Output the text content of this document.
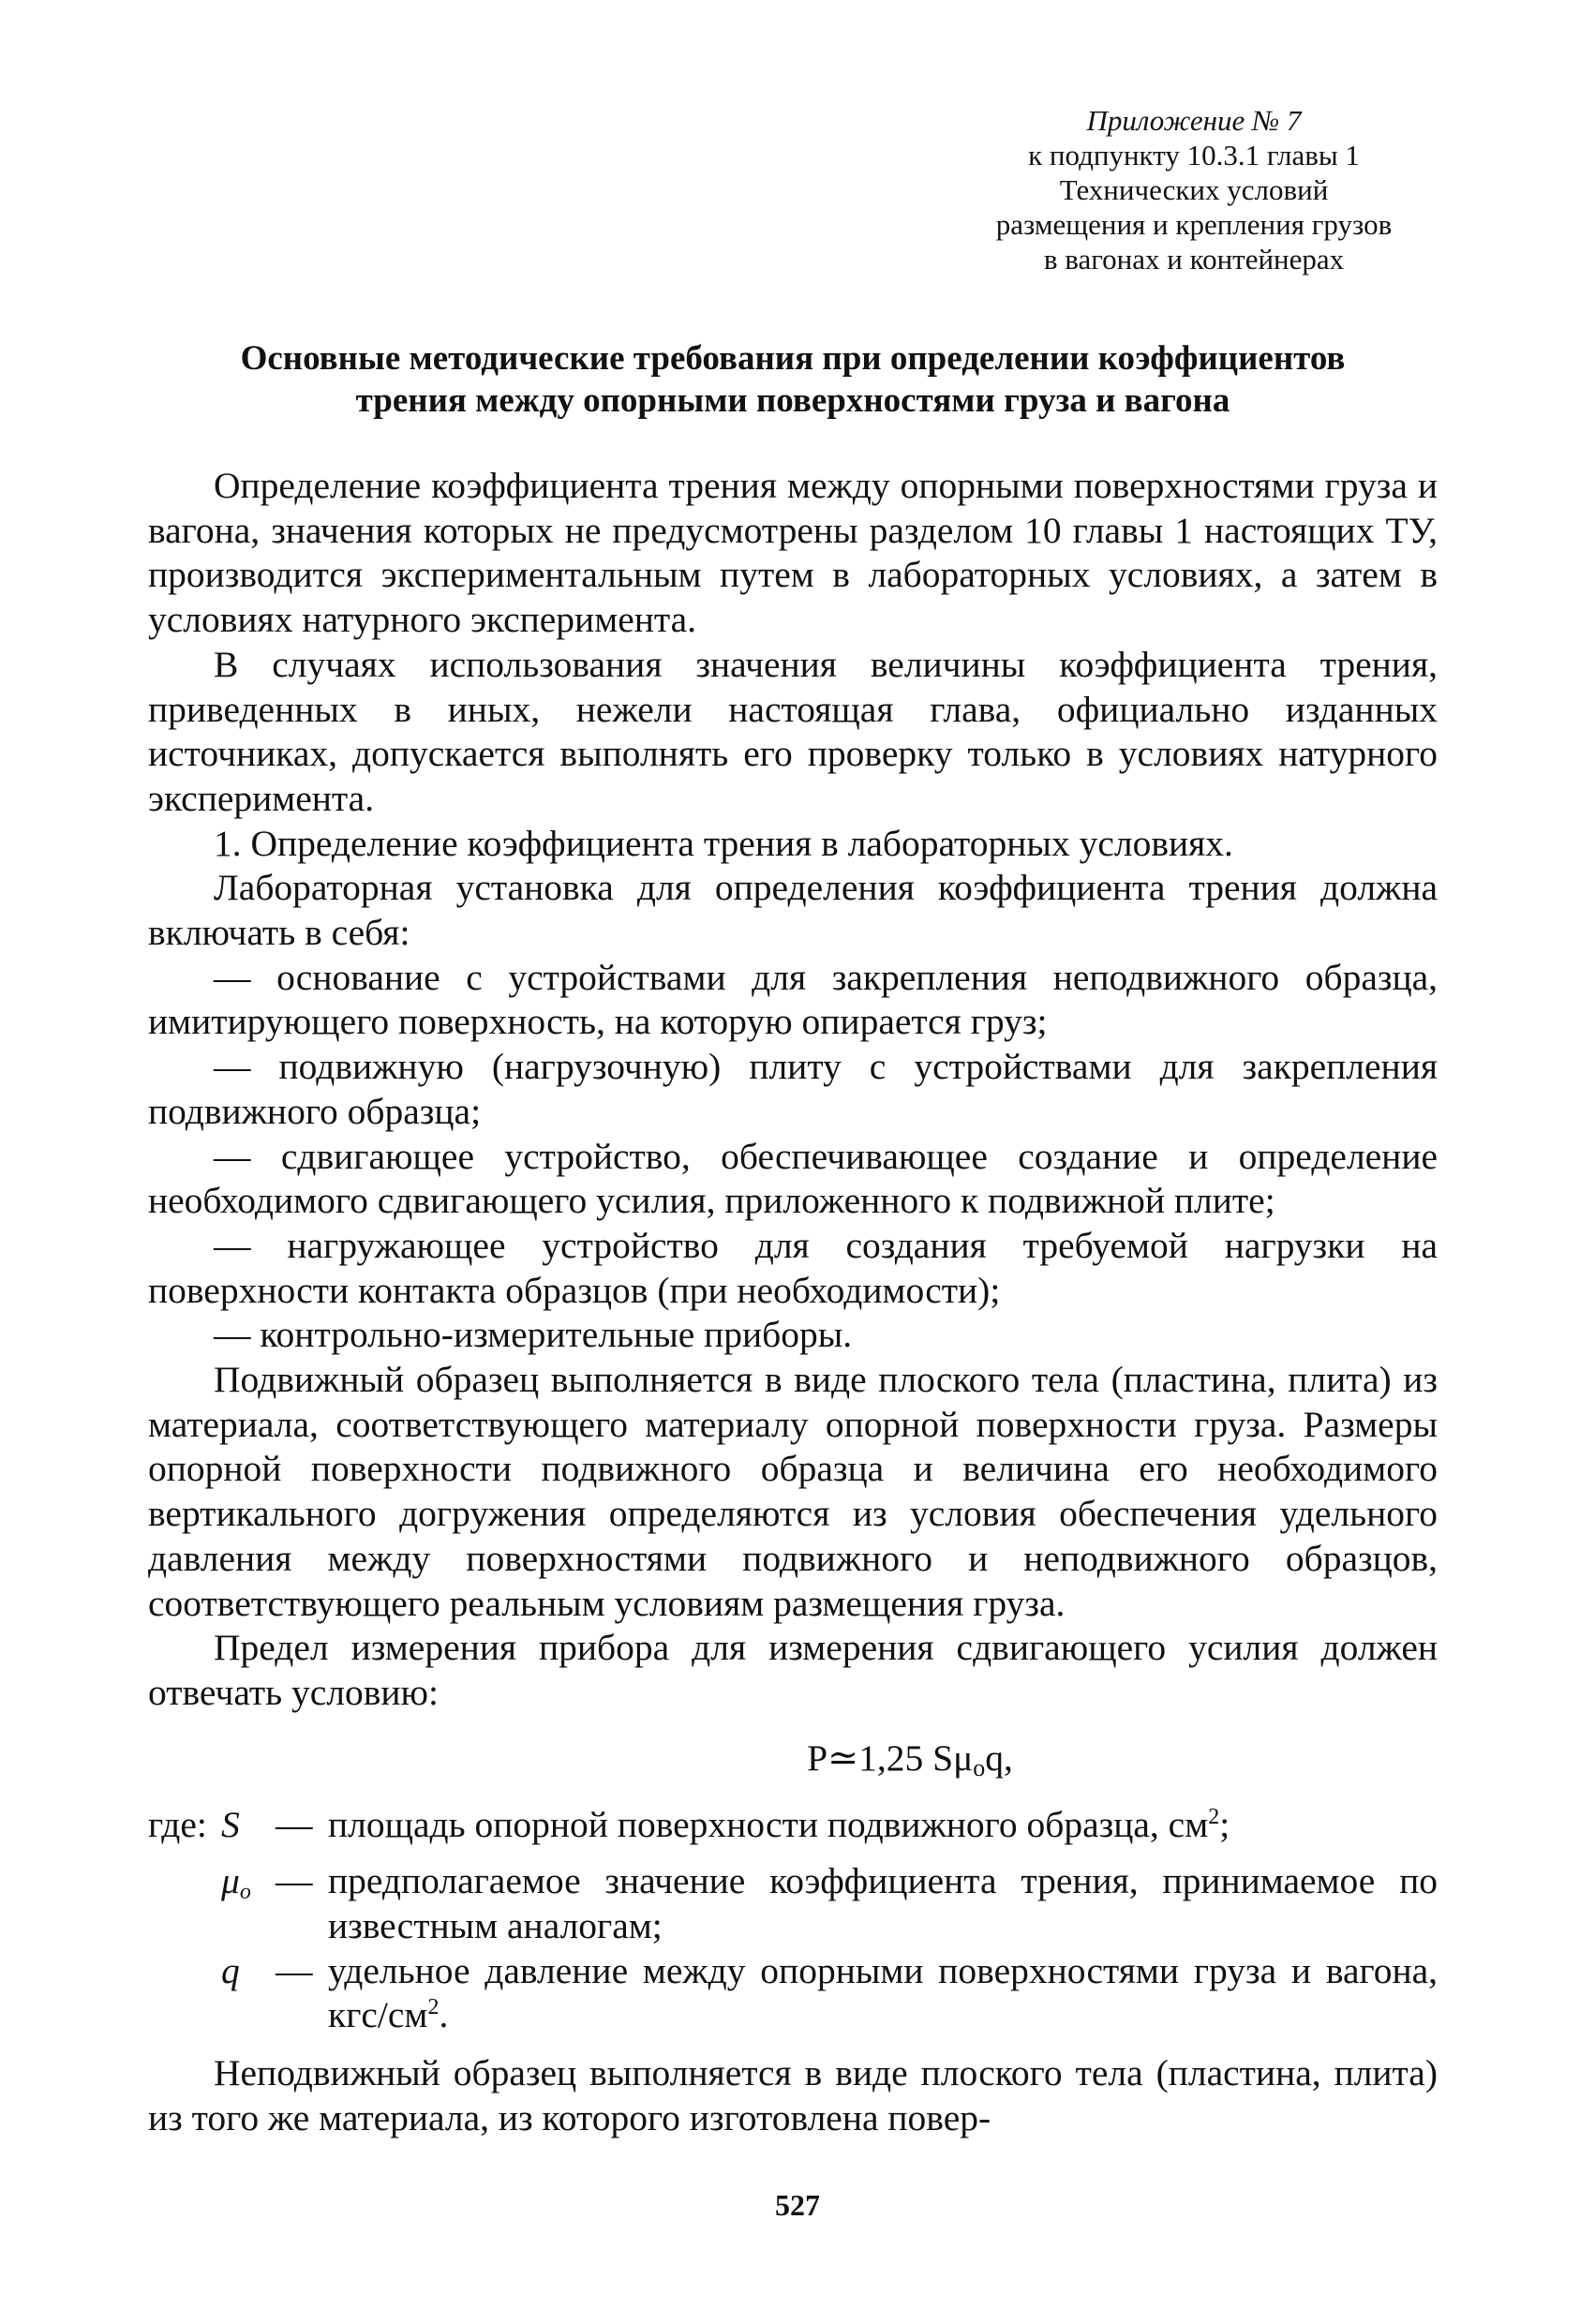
Приложение № 7
к подпункту 10.3.1 главы 1
Технических условий
размещения и крепления грузов
в вагонах и контейнерах
Основные методические требования при определении коэффициентов
трения между опорными поверхностями груза и вагона

Определение коэффициента трения между опорными поверхностями груза и вагона, значения которых не предусмотрены разделом 10 главы 1 настоящих ТУ, производится экспериментальным путем в лабораторных условиях, а затем в условиях натурного эксперимента.

В случаях использования значения величины коэффициента трения, приведенных в иных, нежели настоящая глава, официально изданных источниках, допускается выполнять его проверку только в условиях натурного эксперимента.

1. Определение коэффициента трения в лабораторных условиях.

Лабораторная установка для определения коэффициента трения должна включать в себя:

— основание с устройствами для закрепления неподвижного образца, имитирующего поверхность, на которую опирается груз;

— подвижную (нагрузочную) плиту с устройствами для закрепления подвижного образца;

— сдвигающее устройство, обеспечивающее создание и определение необходимого сдвигающего усилия, приложенного к подвижной плите;

— нагружающее устройство для создания требуемой нагрузки на поверхности контакта образцов (при необходимости);

— контрольно-измерительные приборы.

Подвижный образец выполняется в виде плоского тела (пластина, плита) из материала, соответствующего материалу опорной поверхности груза. Размеры опорной поверхности подвижного образца и величина его необходимого вертикального догружения определяются из условия обеспечения удельного давления между поверхностями подвижного и неподвижного образцов, соответствующего реальным условиям размещения груза.

Предел измерения прибора для измерения сдвигающего усилия должен отвечать условию:

P≃1,25 $S\mu_oq$,

где: S — площадь опорной поверхности подвижного образца, $см^2$;
$\mu_o$ — предполагаемое значение коэффициента трения, принимаемое по известным аналогам;
q — удельное давление между опорными поверхностями груза и вагона, кгс/$см^2$.

Неподвижный образец выполняется в виде плоского тела (пластина, плита) из того же материала, из которого изготовлена повер-

527
